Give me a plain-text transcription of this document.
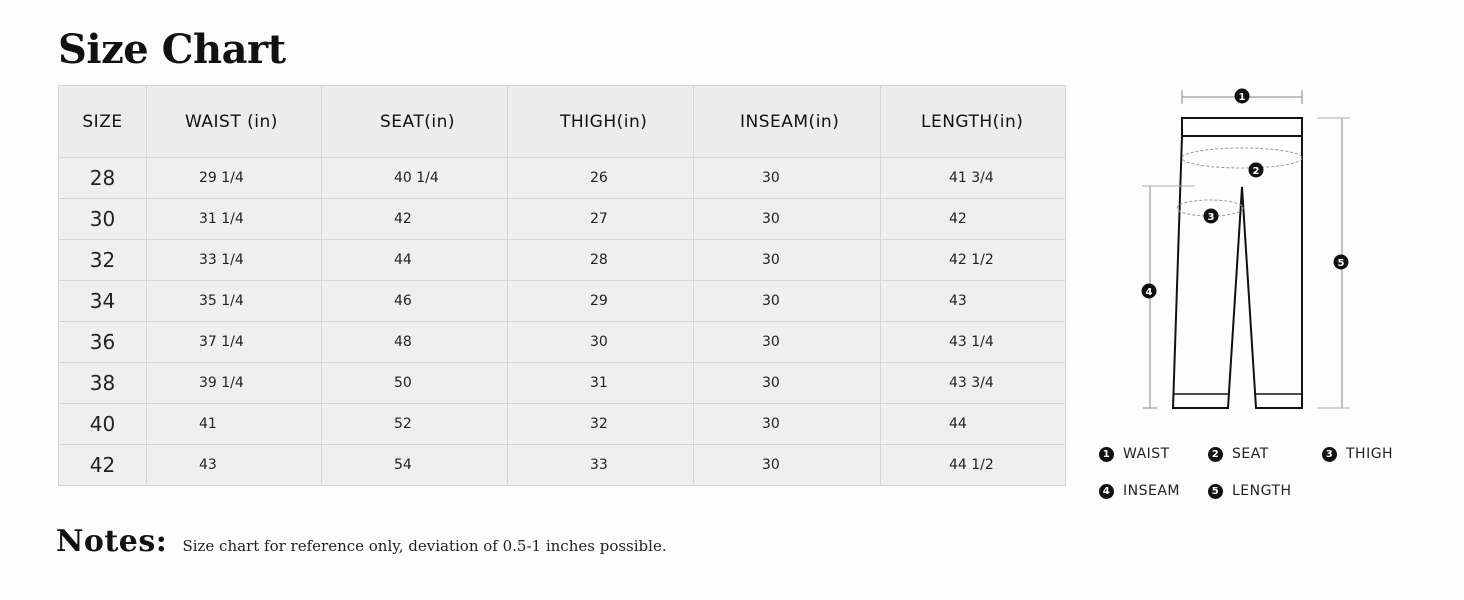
Size Chart
SIZE	WAIST (in)	SEAT(in)	THIGH(in)	INSEAM(in)	LENGTH(in)
28	29 1/4	40 1/4	26	30	41 3/4
30	31 1/4	42	27	30	42
32	33 1/4	44	28	30	42 1/2
34	35 1/4	46	29	30	43
36	37 1/4	48	30	30	43 1/4
38	39 1/4	50	31	30	43 3/4
40	41	52	32	30	44
42	43	54	33	30	44 1/2
1
2
3
4
5
1 WAIST	2 SEAT	3 THIGH
4 INSEAM	5 LENGTH
Notes: Size chart for reference only, deviation of 0.5-1 inches possible.
